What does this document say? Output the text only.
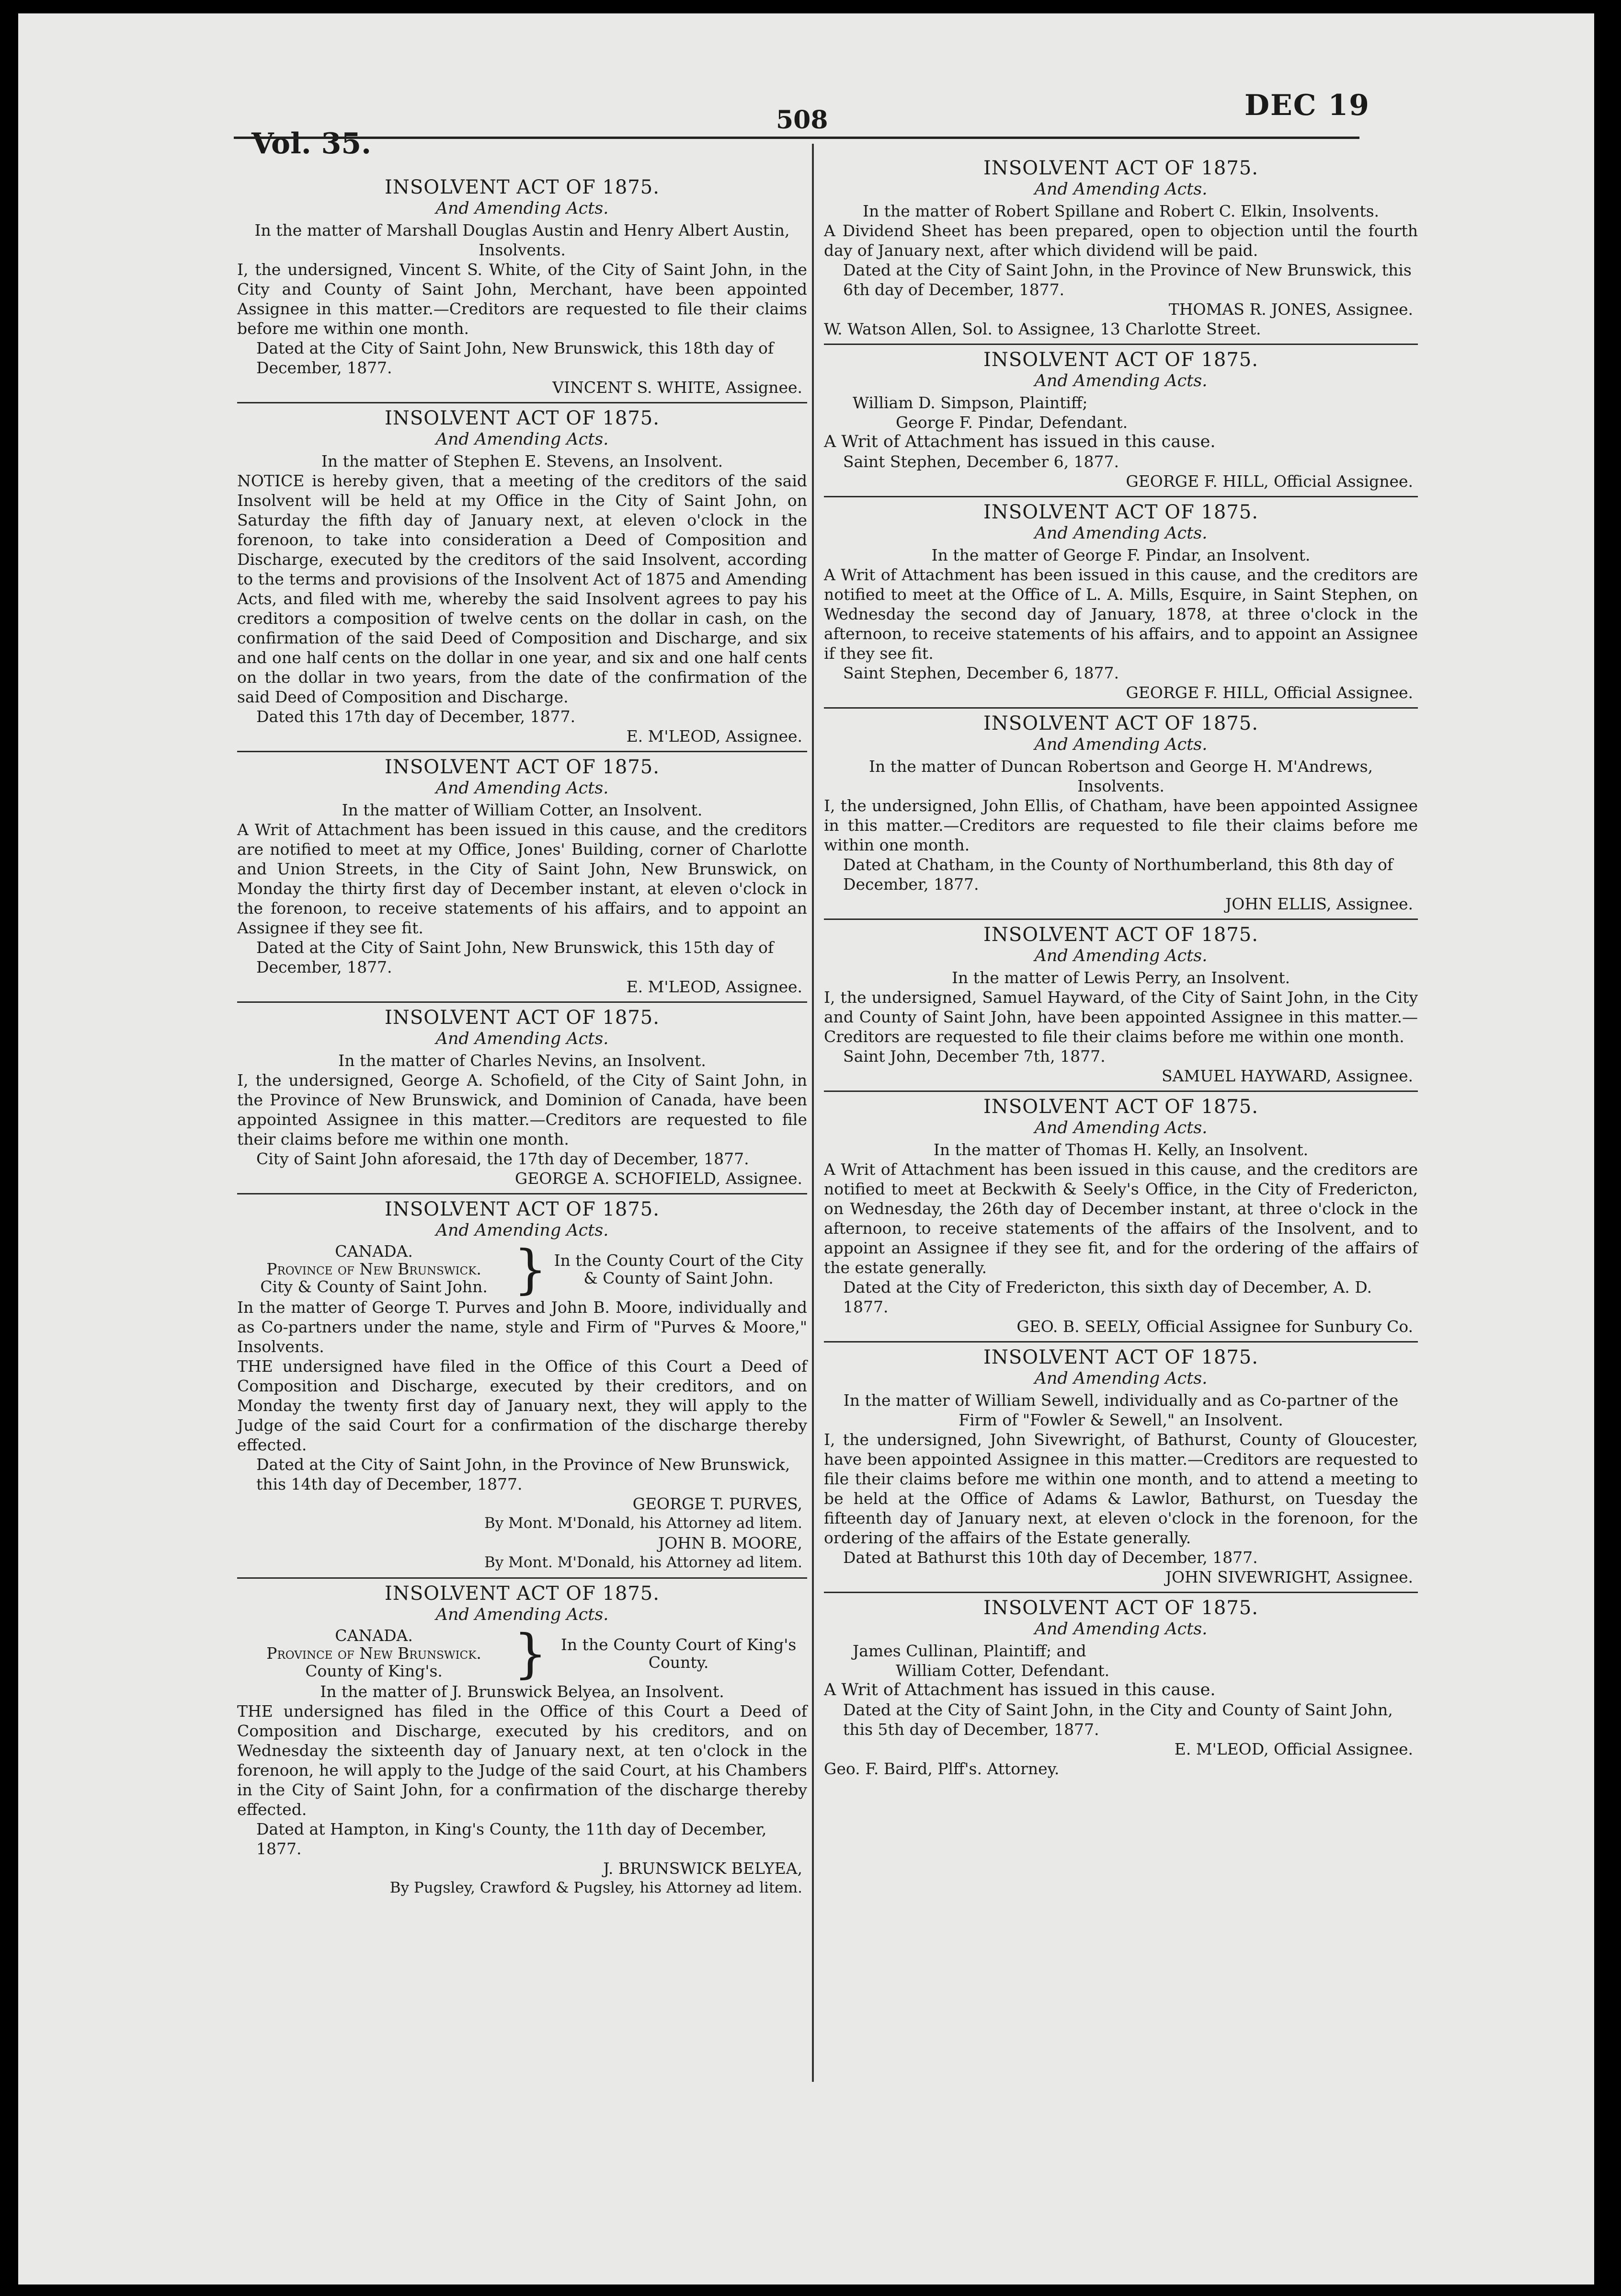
Vol. 35.
508	DEC 19

INSOLVENT ACT OF 1875.

And Amending Acts.

In the matter of Marshall Douglas Austin and Henry Albert Austin, Insolvents.

I, the undersigned, Vincent S. White, of the City of Saint John, in the City and County of Saint John, Merchant, have been appointed Assignee in this matter.—Creditors are requested to file their claims before me within one month.

Dated at the City of Saint John, New Brunswick, this 18th day of December, 1877.

VINCENT S. WHITE, Assignee.

INSOLVENT ACT OF 1875.

And Amending Acts.

In the matter of Stephen E. Stevens, an Insolvent.

NOTICE is hereby given, that a meeting of the creditors of the said Insolvent will be held at my Office in the City of Saint John, on Saturday the fifth day of January next, at eleven o'clock in the forenoon, to take into consideration a Deed of Composition and Discharge, executed by the creditors of the said Insolvent, according to the terms and provisions of the Insolvent Act of 1875 and Amending Acts, and filed with me, whereby the said Insolvent agrees to pay his creditors a composition of twelve cents on the dollar in cash, on the confirmation of the said Deed of Composition and Discharge, and six and one half cents on the dollar in one year, and six and one half cents on the dollar in two years, from the date of the confirmation of the said Deed of Composition and Discharge.

Dated this 17th day of December, 1877.

E. M'LEOD, Assignee.

INSOLVENT ACT OF 1875.

And Amending Acts.

In the matter of William Cotter, an Insolvent.

A Writ of Attachment has been issued in this cause, and the creditors are notified to meet at my Office, Jones' Building, corner of Charlotte and Union Streets, in the City of Saint John, New Brunswick, on Monday the thirty first day of December instant, at eleven o'clock in the forenoon, to receive statements of his affairs, and to appoint an Assignee if they see fit.

Dated at the City of Saint John, New Brunswick, this 15th day of December, 1877.

E. M'LEOD, Assignee.

INSOLVENT ACT OF 1875.

And Amending Acts.

In the matter of Charles Nevins, an Insolvent.

I, the undersigned, George A. Schofield, of the City of Saint John, in the Province of New Brunswick, and Dominion of Canada, have been appointed Assignee in this matter.—Creditors are requested to file their claims before me within one month.

City of Saint John aforesaid, the 17th day of December, 1877.

GEORGE A. SCHOFIELD, Assignee.

INSOLVENT ACT OF 1875.

And Amending Acts.

CANADA.
Province of New Brunswick.
City & County of Saint John. } In the County Court of the City & County of Saint John.

In the matter of George T. Purves and John B. Moore, individually and as Co-partners under the name, style and Firm of "Purves & Moore," Insolvents.

THE undersigned have filed in the Office of this Court a Deed of Composition and Discharge, executed by their creditors, and on Monday the twenty first day of January next, they will apply to the Judge of the said Court for a confirmation of the discharge thereby effected.

Dated at the City of Saint John, in the Province of New Brunswick, this 14th day of December, 1877.

GEORGE T. PURVES,

By Mont. M'Donald, his Attorney ad litem.

JOHN B. MOORE,

By Mont. M'Donald, his Attorney ad litem.

INSOLVENT ACT OF 1875.

And Amending Acts.

CANADA.
Province of New Brunswick.
County of King's.	} In the County Court of King's County.

In the matter of J. Brunswick Belyea, an Insolvent.

THE undersigned has filed in the Office of this Court a Deed of Composition and Discharge, executed by his creditors, and on Wednesday the sixteenth day of January next, at ten o'clock in the forenoon, he will apply to the Judge of the said Court, at his Chambers in the City of Saint John, for a confirmation of the discharge thereby effected.

Dated at Hampton, in King's County, the 11th day of December, 1877.

J. BRUNSWICK BELYEA,

By Pugsley, Crawford & Pugsley, his Attorney ad litem.

INSOLVENT ACT OF 1875.

And Amending Acts.

In the matter of Robert Spillane and Robert C. Elkin, Insolvents.

A Dividend Sheet has been prepared, open to objection until the fourth day of January next, after which dividend will be paid.

Dated at the City of Saint John, in the Province of New Brunswick, this 6th day of December, 1877.

THOMAS R. JONES, Assignee.

W. Watson Allen, Sol. to Assignee, 13 Charlotte Street.

INSOLVENT ACT OF 1875.

And Amending Acts.

William D. Simpson, Plaintiff;

George F. Pindar, Defendant.

A Writ of Attachment has issued in this cause.

Saint Stephen, December 6, 1877.

GEORGE F. HILL, Official Assignee.

INSOLVENT ACT OF 1875.

And Amending Acts.

In the matter of George F. Pindar, an Insolvent.

A Writ of Attachment has been issued in this cause, and the creditors are notified to meet at the Office of L. A. Mills, Esquire, in Saint Stephen, on Wednesday the second day of January, 1878, at three o'clock in the afternoon, to receive statements of his affairs, and to appoint an Assignee if they see fit.

Saint Stephen, December 6, 1877.

GEORGE F. HILL, Official Assignee.

INSOLVENT ACT OF 1875.

And Amending Acts.

In the matter of Duncan Robertson and George H. M'Andrews, Insolvents.

I, the undersigned, John Ellis, of Chatham, have been appointed Assignee in this matter.—Creditors are requested to file their claims before me within one month.

Dated at Chatham, in the County of Northumberland, this 8th day of December, 1877.

JOHN ELLIS, Assignee.

INSOLVENT ACT OF 1875.

And Amending Acts.

In the matter of Lewis Perry, an Insolvent.

I, the undersigned, Samuel Hayward, of the City of Saint John, in the City and County of Saint John, have been appointed Assignee in this matter.—Creditors are requested to file their claims before me within one month.

Saint John, December 7th, 1877.

SAMUEL HAYWARD, Assignee.

INSOLVENT ACT OF 1875.

And Amending Acts.

In the matter of Thomas H. Kelly, an Insolvent.

A Writ of Attachment has been issued in this cause, and the creditors are notified to meet at Beckwith & Seely's Office, in the City of Fredericton, on Wednesday, the 26th day of December instant, at three o'clock in the afternoon, to receive statements of the affairs of the Insolvent, and to appoint an Assignee if they see fit, and for the ordering of the affairs of the estate generally.

Dated at the City of Fredericton, this sixth day of December, A. D. 1877.

GEO. B. SEELY, Official Assignee for Sunbury Co.

INSOLVENT ACT OF 1875.

And Amending Acts.

In the matter of William Sewell, individually and as Co-partner of the Firm of "Fowler & Sewell," an Insolvent.

I, the undersigned, John Sivewright, of Bathurst, County of Gloucester, have been appointed Assignee in this matter.—Creditors are requested to file their claims before me within one month, and to attend a meeting to be held at the Office of Adams & Lawlor, Bathurst, on Tuesday the fifteenth day of January next, at eleven o'clock in the forenoon, for the ordering of the affairs of the Estate generally.

Dated at Bathurst this 10th day of December, 1877.

JOHN SIVEWRIGHT, Assignee.

INSOLVENT ACT OF 1875.

And Amending Acts.

James Cullinan, Plaintiff; and

William Cotter, Defendant.

A Writ of Attachment has issued in this cause.

Dated at the City of Saint John, in the City and County of Saint John, this 5th day of December, 1877.

E. M'LEOD, Official Assignee.

Geo. F. Baird, Plff's. Attorney.
